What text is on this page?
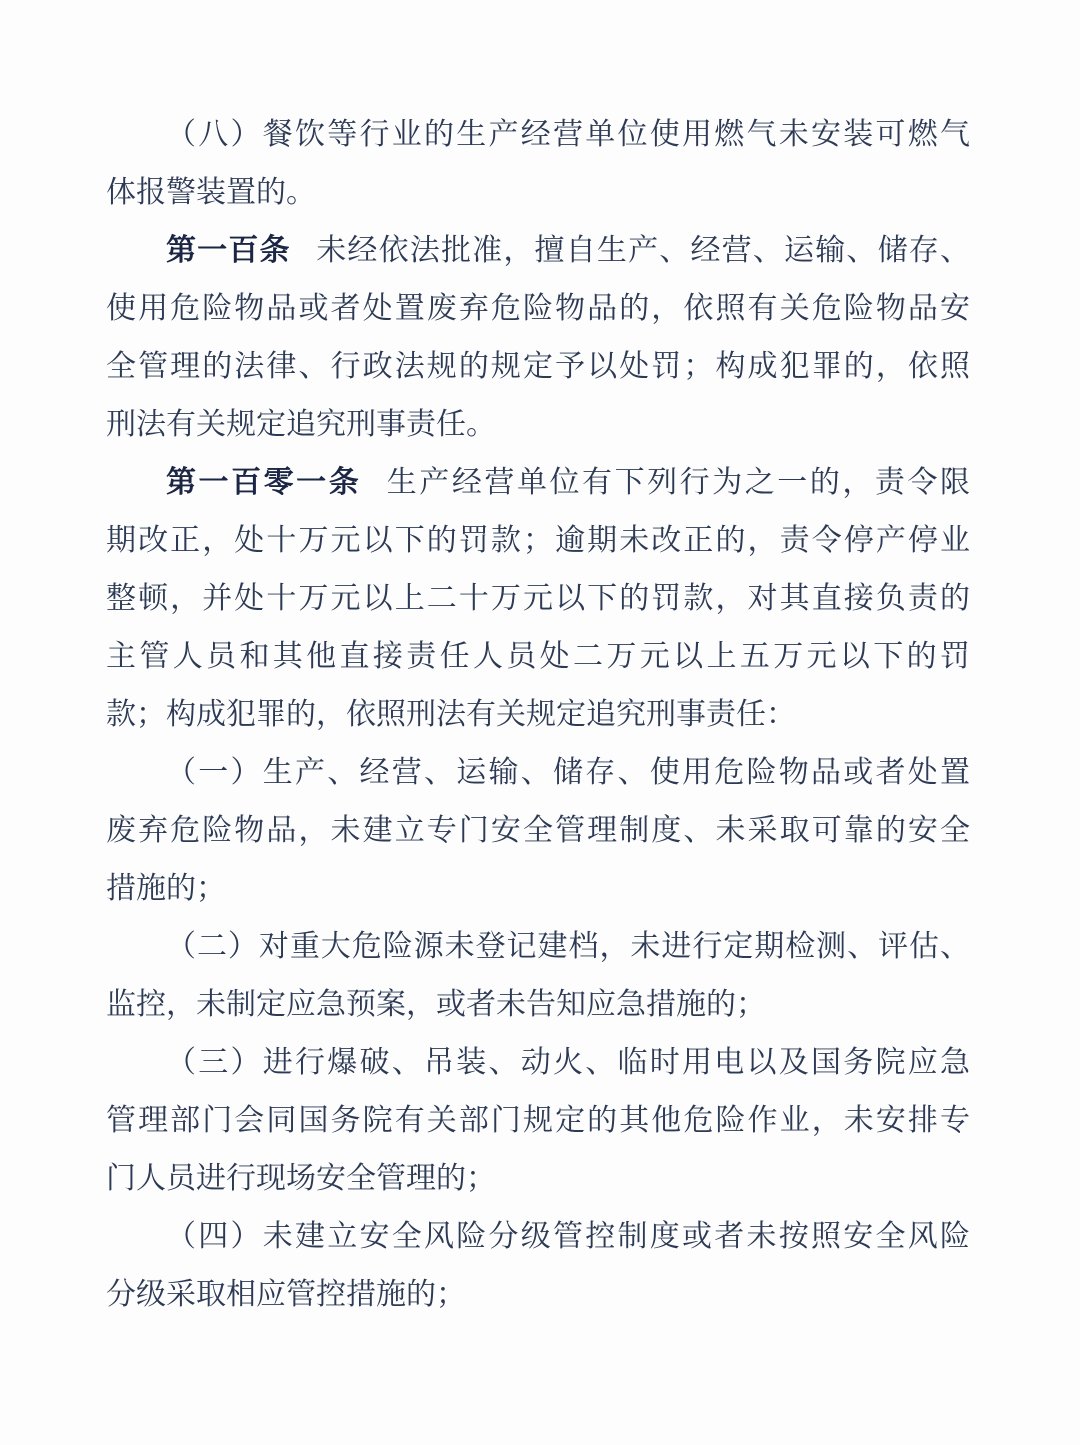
（八）餐饮等行业的生产经营单位使用燃气未安装可燃气
体报警装置的。
第一百条 未经依法批准，擅自生产、经营、运输、储存、
使用危险物品或者处置废弃危险物品的，依照有关危险物品安
全管理的法律、行政法规的规定予以处罚；构成犯罪的，依照
刑法有关规定追究刑事责任。
第一百零一条 生产经营单位有下列行为之一的，责令限
期改正，处十万元以下的罚款；逾期未改正的，责令停产停业
整顿，并处十万元以上二十万元以下的罚款，对其直接负责的
主管人员和其他直接责任人员处二万元以上五万元以下的罚
款；构成犯罪的，依照刑法有关规定追究刑事责任：
（一）生产、经营、运输、储存、使用危险物品或者处置
废弃危险物品，未建立专门安全管理制度、未采取可靠的安全
措施的；
（二）对重大危险源未登记建档，未进行定期检测、评估、
监控，未制定应急预案，或者未告知应急措施的；
（三）进行爆破、吊装、动火、临时用电以及国务院应急
管理部门会同国务院有关部门规定的其他危险作业，未安排专
门人员进行现场安全管理的；
（四）未建立安全风险分级管控制度或者未按照安全风险
分级采取相应管控措施的；
